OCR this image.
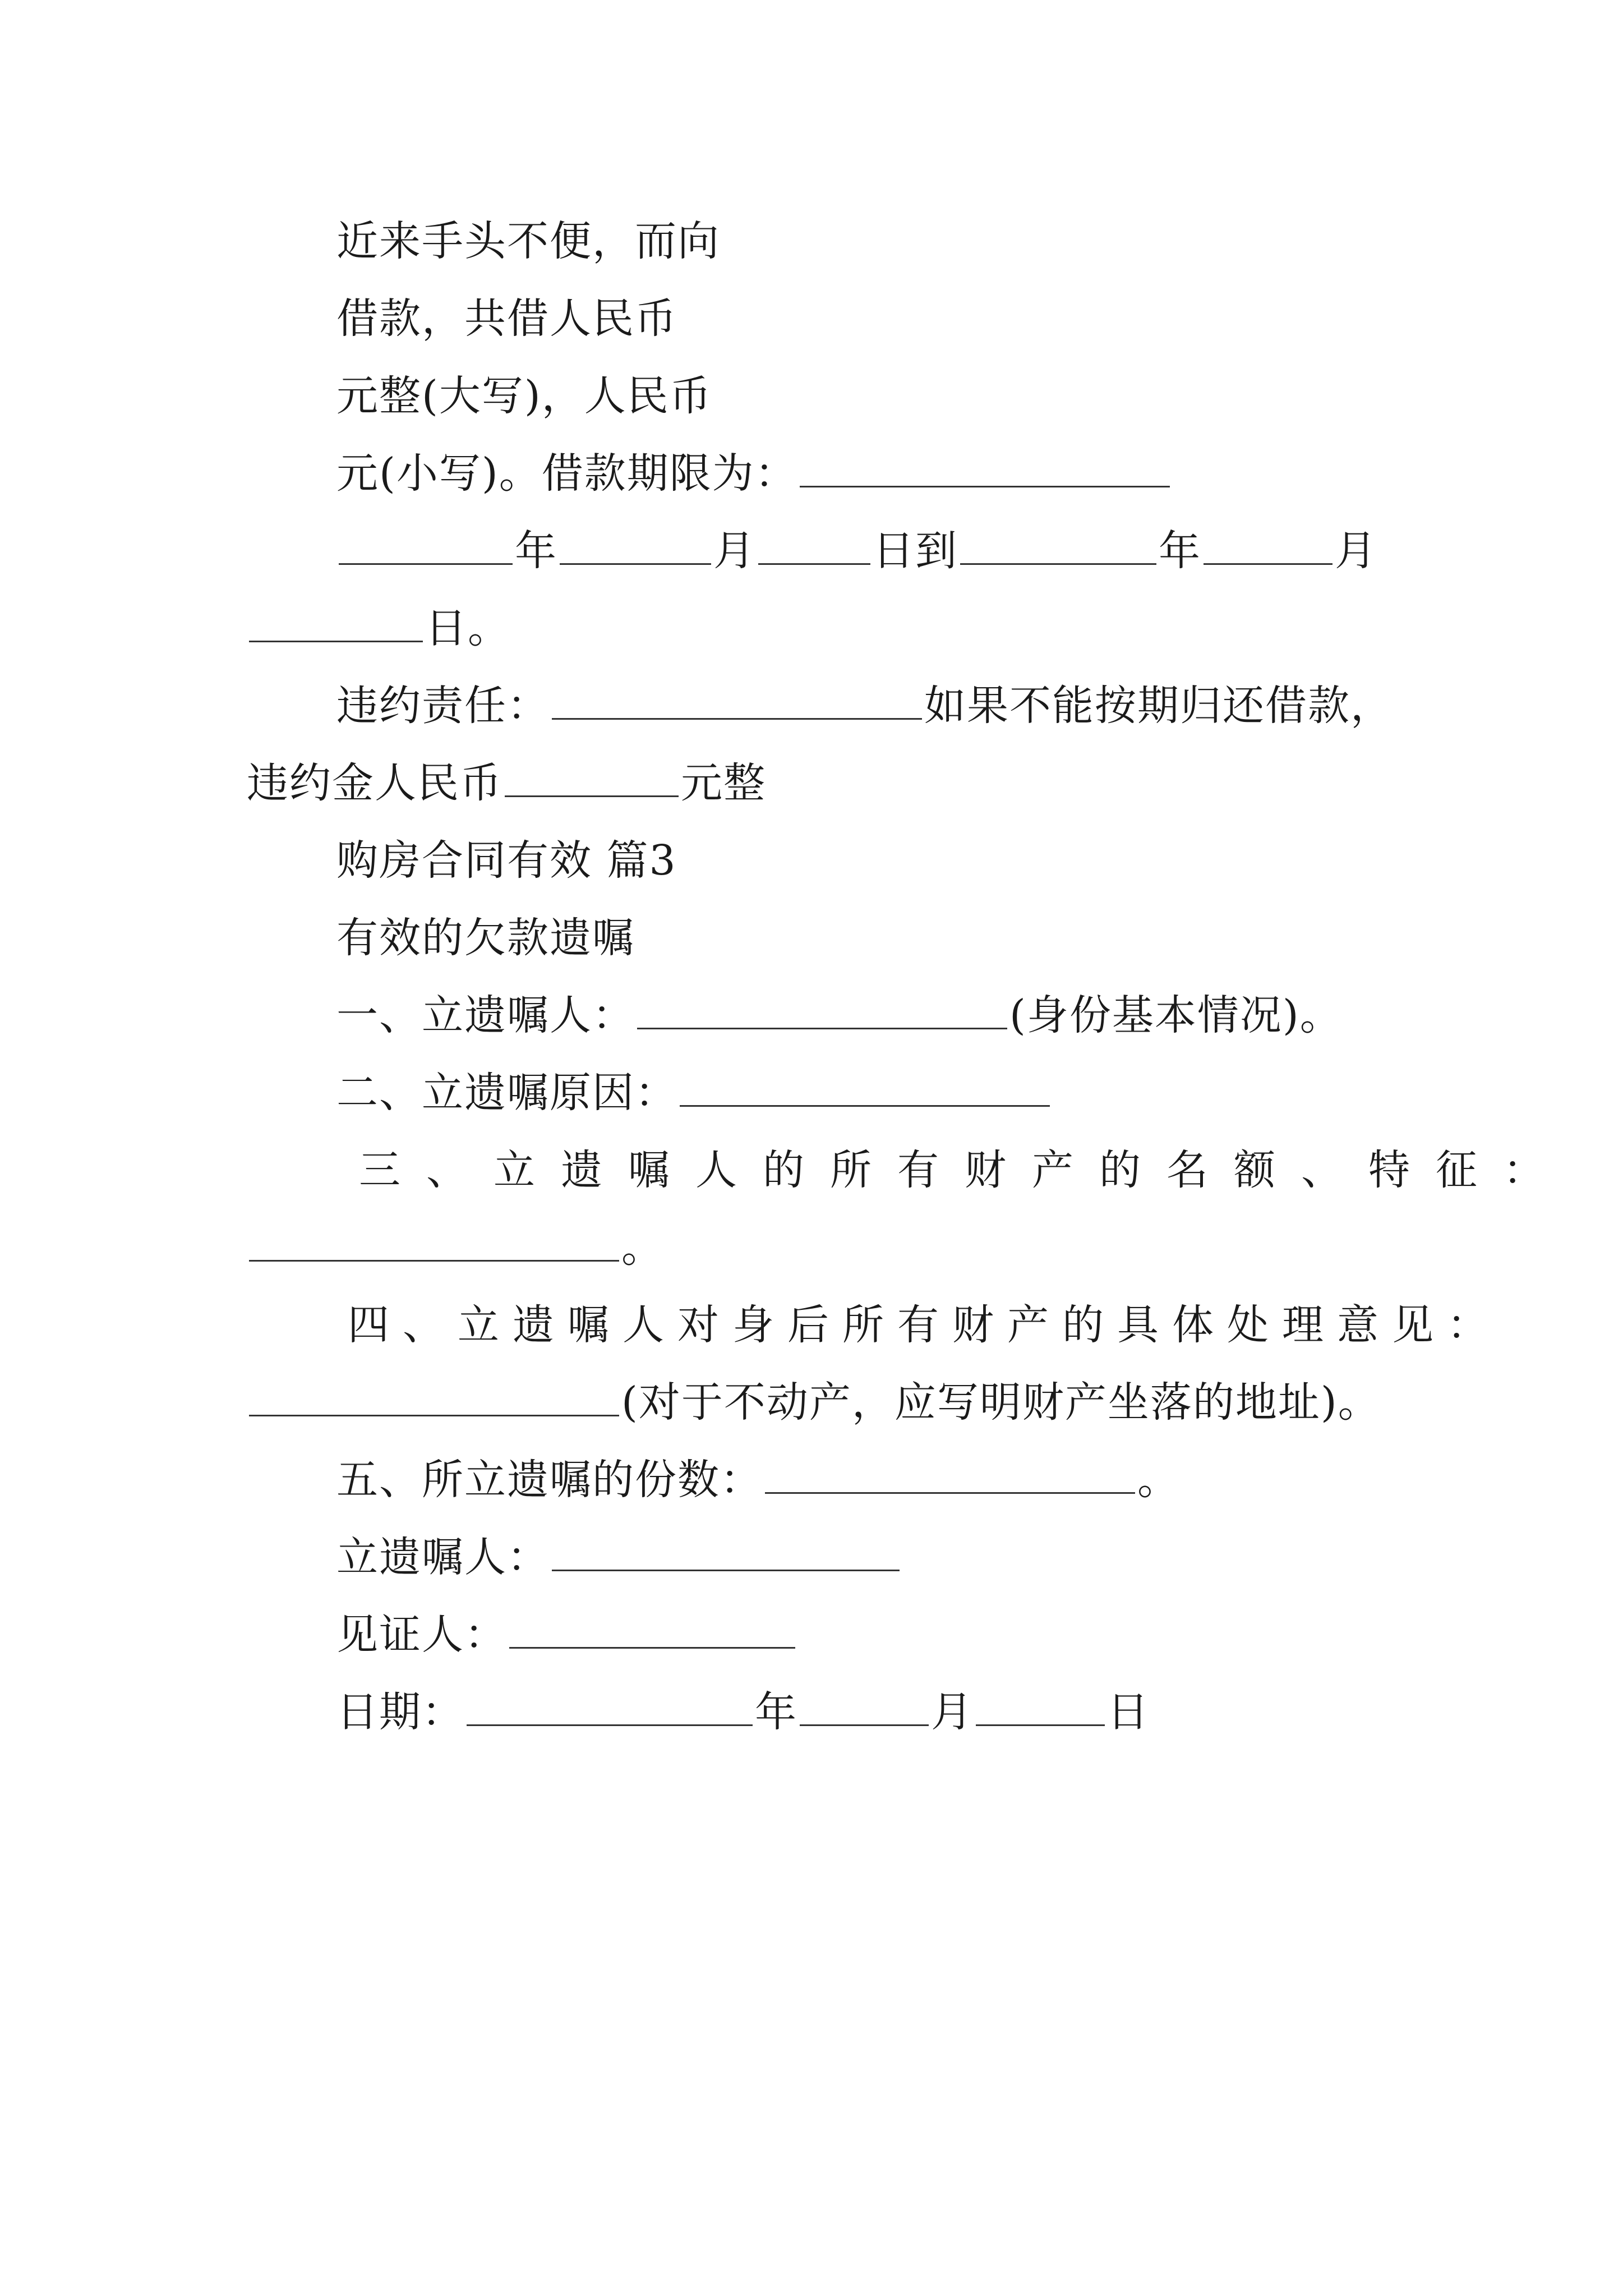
近来手头不便，而向
借款，共借人民币
元整(大写)，人民币
元(小写)。借款期限为：
年	月	日到	年	月
日。
违约责任：	如果不能按期归还借款，
违约金人民币	元整
购房合同有效 篇3
有效的欠款遗嘱
一、立遗嘱人：	(身份基本情况)。
二、立遗嘱原因：
三、立遗嘱人的所有财产的名额、特征：
。
四、立遗嘱人对身后所有财产的具体处理意见：
(对于不动产，应写明财产坐落的地址)。
五、所立遗嘱的份数：	。
立遗嘱人：
见证人：
日期：	年	月	日
